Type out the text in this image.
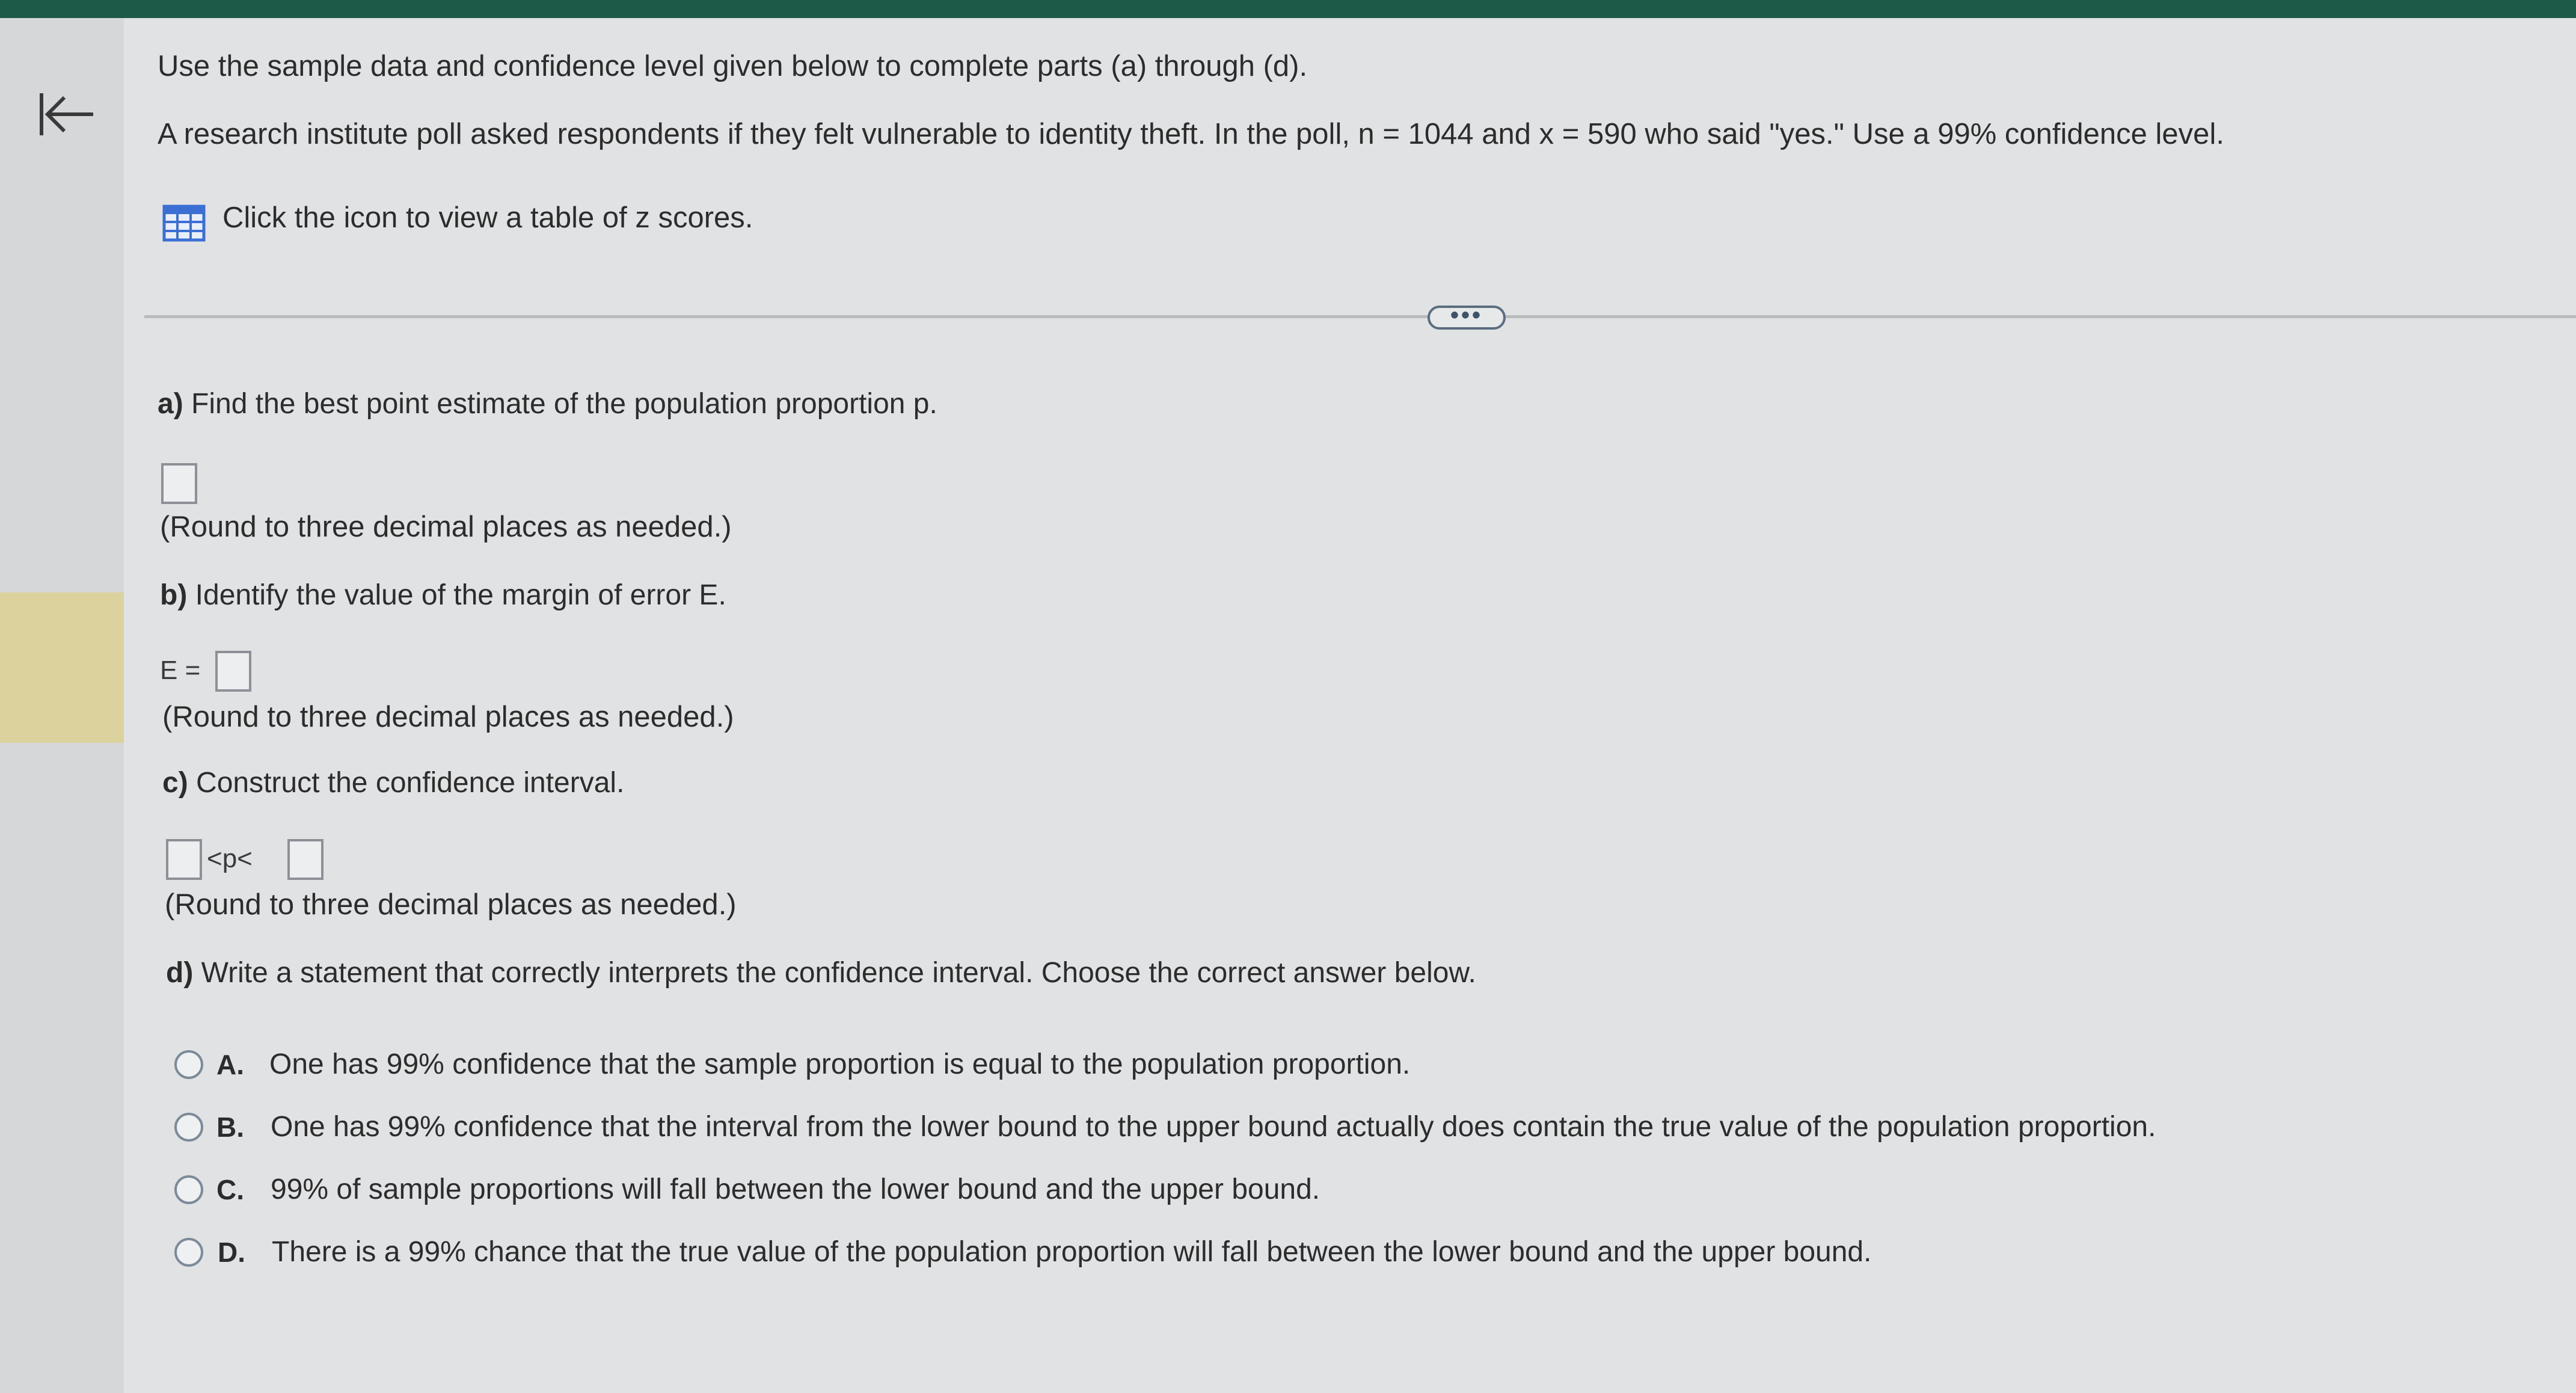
Use the sample data and confidence level given below to complete parts (a) through (d).
A research institute poll asked respondents if they felt vulnerable to identity theft. In the poll, n = 1044 and x = 590 who said "yes." Use a 99% confidence level.
Click the icon to view a table of z scores.
•••
a) Find the best point estimate of the population proportion p.
(Round to three decimal places as needed.)
b) Identify the value of the margin of error E.
E =
(Round to three decimal places as needed.)
c) Construct the confidence interval.
<p<
(Round to three decimal places as needed.)
d) Write a statement that correctly interprets the confidence interval. Choose the correct answer below.
A. One has 99% confidence that the sample proportion is equal to the population proportion.
B. One has 99% confidence that the interval from the lower bound to the upper bound actually does contain the true value of the population proportion.
C. 99% of sample proportions will fall between the lower bound and the upper bound.
D. There is a 99% chance that the true value of the population proportion will fall between the lower bound and the upper bound.
